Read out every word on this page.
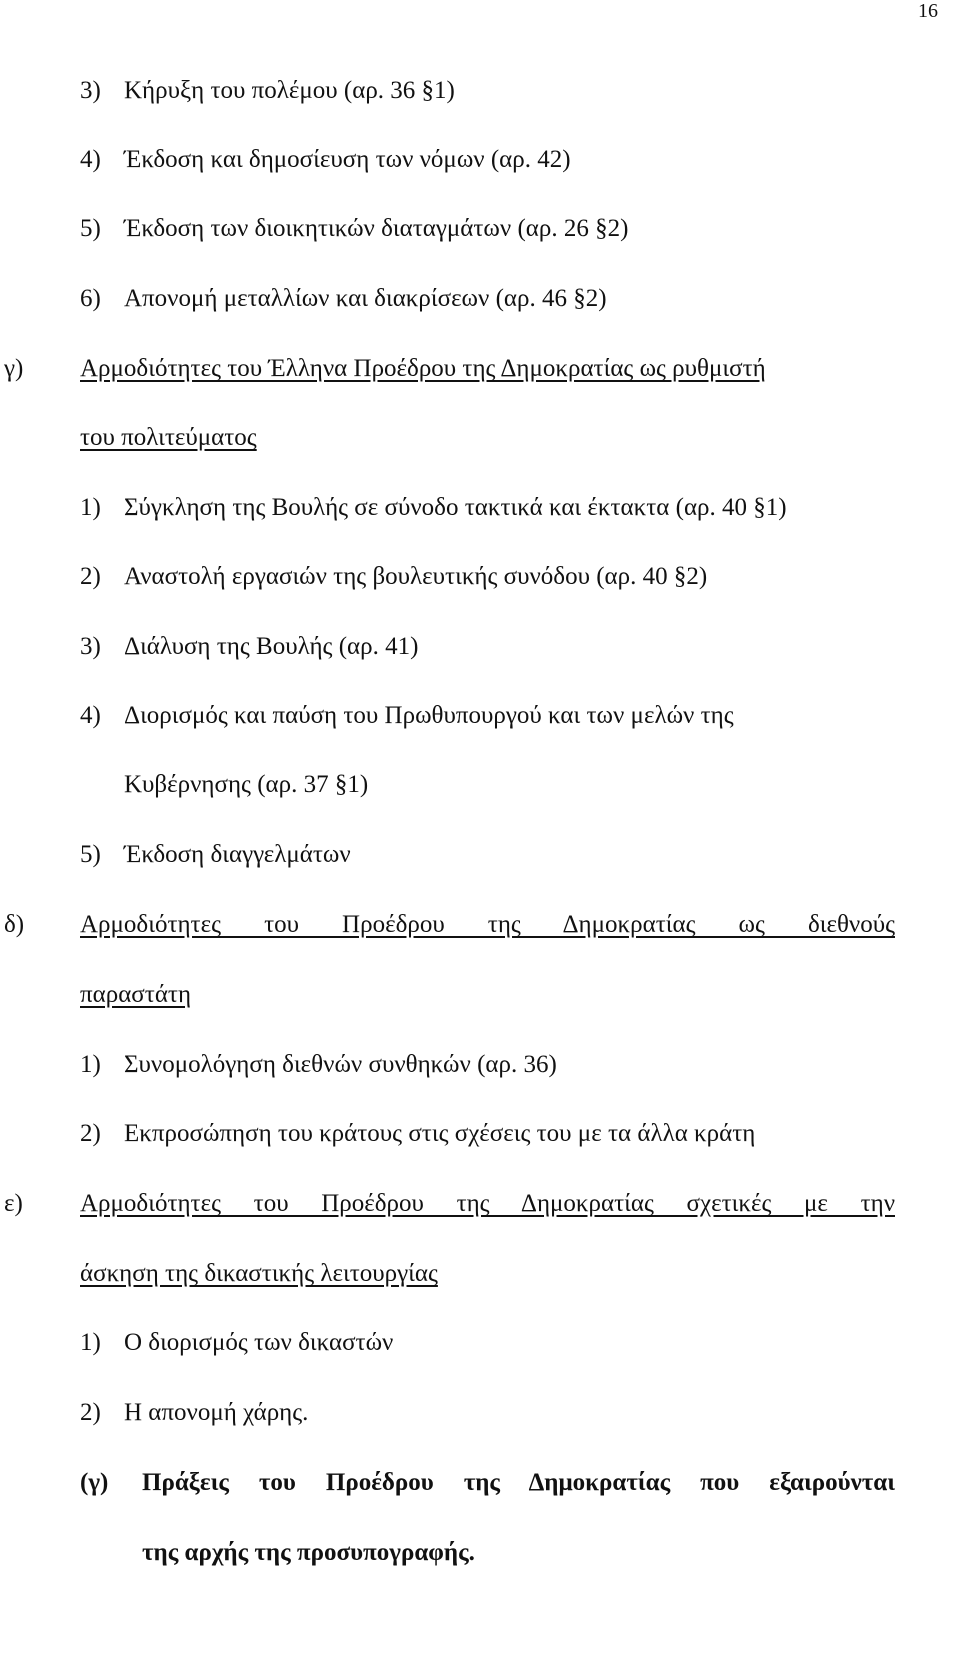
16
3) Κήρυξη του πολέμου (αρ. 36 §1)
4) Έκδοση και δημοσίευση των νόμων (αρ. 42)
5) Έκδοση των διοικητικών διαταγμάτων (αρ. 26 §2)
6) Απονομή μεταλλίων και διακρίσεων (αρ. 46 §2)
γ) Αρμοδιότητες του Έλληνα Προέδρου της Δημοκρατίας ως ρυθμιστή
του πολιτεύματος
1) Σύγκληση της Βουλής σε σύνοδο τακτικά και έκτακτα (αρ. 40 §1)
2) Αναστολή εργασιών της βουλευτικής συνόδου (αρ. 40 §2)
3) Διάλυση της Βουλής (αρ. 41)
4) Διορισμός και παύση του Πρωθυπουργού και των μελών της
Κυβέρνησης (αρ. 37 §1)
5) Έκδοση διαγγελμάτων
δ) Αρμοδιότητες του Προέδρου της Δημοκρατίας ως διεθνούς
παραστάτη
1) Συνομολόγηση διεθνών συνθηκών (αρ. 36)
2) Εκπροσώπηση του κράτους στις σχέσεις του με τα άλλα κράτη
ε) Αρμοδιότητες του Προέδρου της Δημοκρατίας σχετικές με την
άσκηση της δικαστικής λειτουργίας
1) Ο διορισμός των δικαστών
2) Η απονομή χάρης.
(γ) Πράξεις του Προέδρου της Δημοκρατίας που εξαιρούνται
της αρχής της προσυπογραφής.
